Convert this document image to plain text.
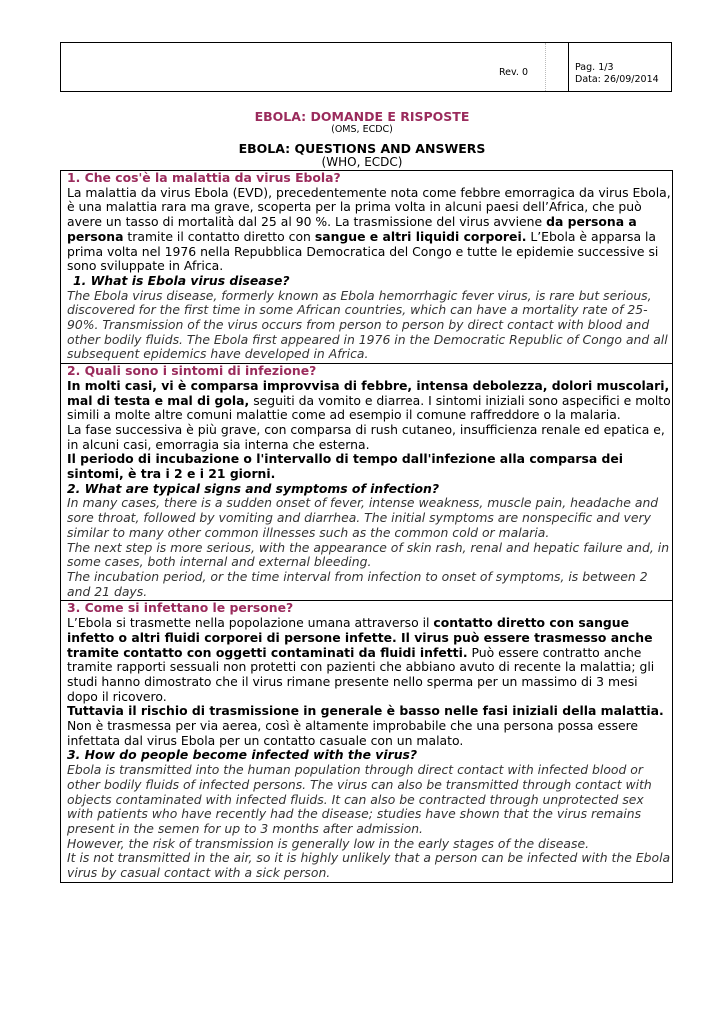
Rev. 0	Pag. 1/3
Data: 26/09/2014
EBOLA: DOMANDE E RISPOSTE
(OMS, ECDC)
EBOLA: QUESTIONS AND ANSWERS
(WHO, ECDC)

1. Che cos'è la malattia da virus Ebola?

La malattia da virus Ebola (EVD), precedentemente nota come febbre emorragica da virus Ebola, è una malattia rara ma grave, scoperta per la prima volta in alcuni paesi dell’Africa, che può avere un tasso di mortalità dal 25 al 90 %. La trasmissione del virus avviene da persona a persona tramite il contatto diretto con sangue e altri liquidi corporei. L’Ebola è apparsa la prima volta nel 1976 nella Repubblica Democratica del Congo e tutte le epidemie successive si sono sviluppate in Africa.

1. What is Ebola virus disease?

The Ebola virus disease, formerly known as Ebola hemorrhagic fever virus, is rare but serious, discovered for the first time in some African countries, which can have a mortality rate of 25-90%. Transmission of the virus occurs from person to person by direct contact with blood and other bodily fluids. The Ebola first appeared in 1976 in the Democratic Republic of Congo and all subsequent epidemics have developed in Africa.

2. Quali sono i sintomi di infezione?

In molti casi, vi è comparsa improvvisa di febbre, intensa debolezza, dolori muscolari, mal di testa e mal di gola, seguiti da vomito e diarrea. I sintomi iniziali sono aspecifici e molto simili a molte altre comuni malattie come ad esempio il comune raffreddore o la malaria.

La fase successiva è più grave, con comparsa di rush cutaneo, insufficienza renale ed epatica e, in alcuni casi, emorragia sia interna che esterna.

Il periodo di incubazione o l'intervallo di tempo dall'infezione alla comparsa dei sintomi, è tra i 2 e i 21 giorni.

2. What are typical signs and symptoms of infection?

In many cases, there is a sudden onset of fever, intense weakness, muscle pain, headache and sore throat, followed by vomiting and diarrhea. The initial symptoms are nonspecific and very similar to many other common illnesses such as the common cold or malaria.

The next step is more serious, with the appearance of skin rash, renal and hepatic failure and, in some cases, both internal and external bleeding.

The incubation period, or the time interval from infection to onset of symptoms, is between 2 and 21 days.

3. Come si infettano le persone?

L’Ebola si trasmette nella popolazione umana attraverso il contatto diretto con sangue infetto o altri fluidi corporei di persone infette. Il virus può essere trasmesso anche tramite contatto con oggetti contaminati da fluidi infetti. Può essere contratto anche tramite rapporti sessuali non protetti con pazienti che abbiano avuto di recente la malattia; gli studi hanno dimostrato che il virus rimane presente nello sperma per un massimo di 3 mesi dopo il ricovero.

Tuttavia il rischio di trasmissione in generale è basso nelle fasi iniziali della malattia.

Non è trasmessa per via aerea, così è altamente improbabile che una persona possa essere infettata dal virus Ebola per un contatto casuale con un malato.

3. How do people become infected with the virus?

Ebola is transmitted into the human population through direct contact with infected blood or other bodily fluids of infected persons. The virus can also be transmitted through contact with objects contaminated with infected fluids. It can also be contracted through unprotected sex with patients who have recently had the disease; studies have shown that the virus remains present in the semen for up to 3 months after admission.

However, the risk of transmission is generally low in the early stages of the disease.

It is not transmitted in the air, so it is highly unlikely that a person can be infected with the Ebola virus by casual contact with a sick person.
